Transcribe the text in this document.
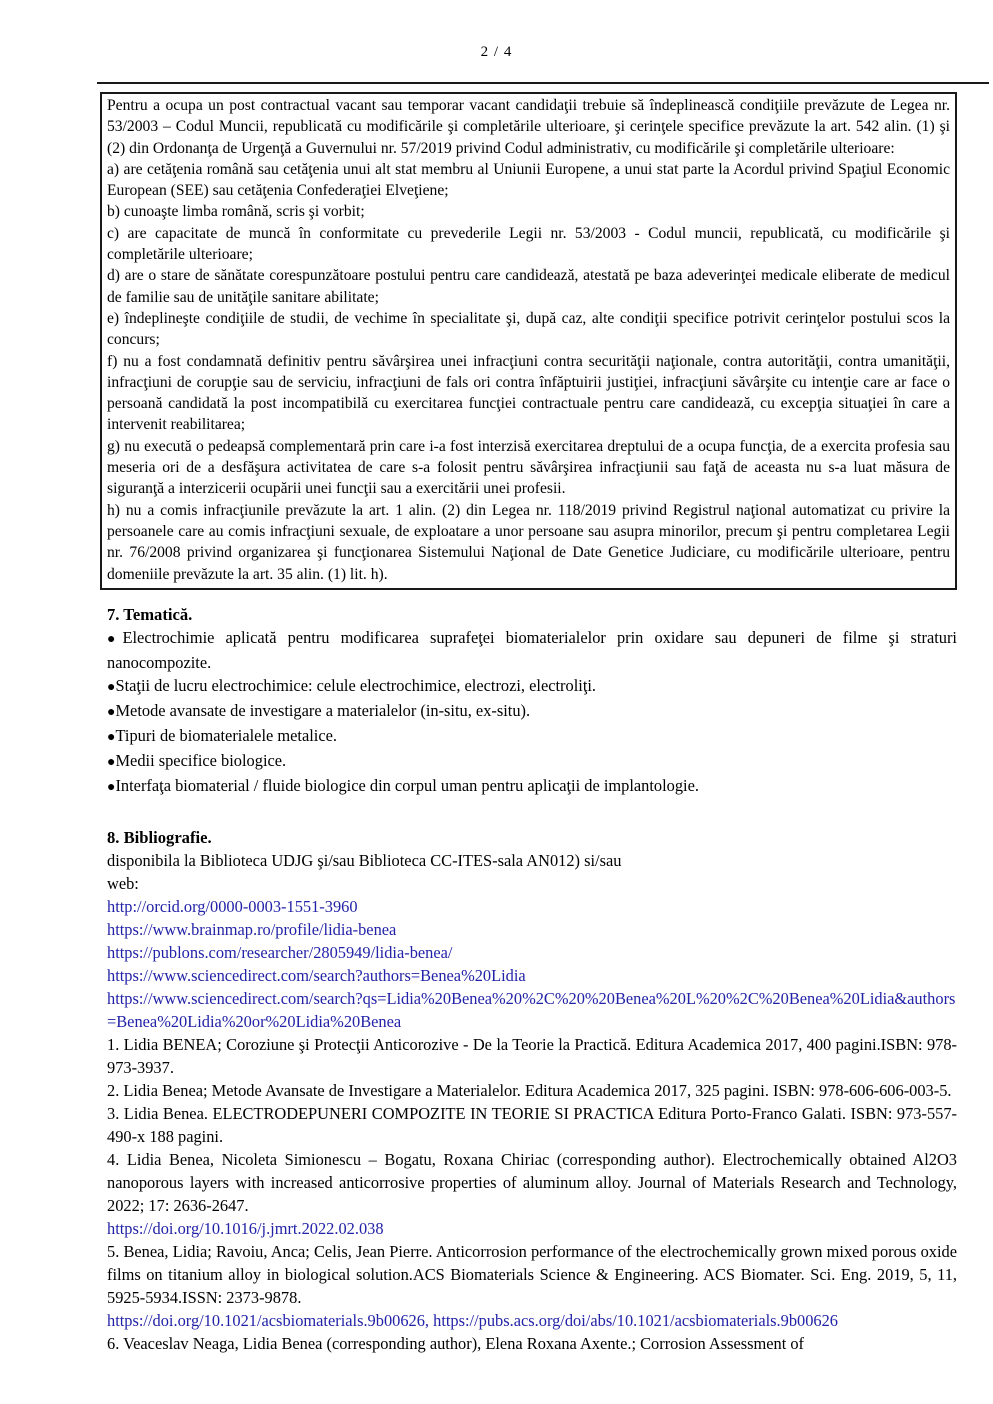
2 / 4

Pentru a ocupa un post contractual vacant sau temporar vacant candidaţii trebuie să îndeplinească condiţiile prevăzute de Legea nr. 53/2003 – Codul Muncii, republicată cu modificările şi completările ulterioare, şi cerinţele specifice prevăzute la art. 542 alin. (1) şi (2) din Ordonanţa de Urgenţă a Guvernului nr. 57/2019 privind Codul administrativ, cu modificările şi completările ulterioare:

a) are cetăţenia română sau cetăţenia unui alt stat membru al Uniunii Europene, a unui stat parte la Acordul privind Spaţiul Economic European (SEE) sau cetăţenia Confederaţiei Elveţiene;

b) cunoaşte limba română, scris şi vorbit;

c) are capacitate de muncă în conformitate cu prevederile Legii nr. 53/2003 - Codul muncii, republicată, cu modificările şi completările ulterioare;

d) are o stare de sănătate corespunzătoare postului pentru care candidează, atestată pe baza adeverinţei medicale eliberate de medicul de familie sau de unităţile sanitare abilitate;

e) îndeplineşte condiţiile de studii, de vechime în specialitate şi, după caz, alte condiţii specifice potrivit cerinţelor postului scos la concurs;

f) nu a fost condamnată definitiv pentru săvârşirea unei infracţiuni contra securităţii naţionale, contra autorităţii, contra umanităţii, infracţiuni de corupţie sau de serviciu, infracţiuni de fals ori contra înfăptuirii justiţiei, infracţiuni săvârşite cu intenţie care ar face o persoană candidată la post incompatibilă cu exercitarea funcţiei contractuale pentru care candidează, cu excepţia situaţiei în care a intervenit reabilitarea;

g) nu execută o pedeapsă complementară prin care i-a fost interzisă exercitarea dreptului de a ocupa funcţia, de a exercita profesia sau meseria ori de a desfăşura activitatea de care s-a folosit pentru săvârşirea infracţiunii sau faţă de aceasta nu s-a luat măsura de siguranţă a interzicerii ocupării unei funcţii sau a exercitării unei profesii.

h) nu a comis infracţiunile prevăzute la art. 1 alin. (2) din Legea nr. 118/2019 privind Registrul naţional automatizat cu privire la persoanele care au comis infracţiuni sexuale, de exploatare a unor persoane sau asupra minorilor, precum şi pentru completarea Legii nr. 76/2008 privind organizarea şi funcţionarea Sistemului Naţional de Date Genetice Judiciare, cu modificările ulterioare, pentru domeniile prevăzute la art. 35 alin. (1) lit. h).

7. Tematică.

● Electrochimie aplicată pentru modificarea suprafeţei biomaterialelor prin oxidare sau depuneri de filme şi straturi nanocompozite.

● Staţii de lucru electrochimice: celule electrochimice, electrozi, electroliţi.

● Metode avansate de investigare a materialelor (in-situ, ex-situ).

● Tipuri de biomaterialele metalice.

● Medii specifice biologice.

● Interfaţa biomaterial / fluide biologice din corpul uman pentru aplicaţii de implantologie.

8. Bibliografie.

disponibila la Biblioteca UDJG şi/sau Biblioteca CC-ITES-sala AN012) si/sau

web:

http://orcid.org/0000-0003-1551-3960

https://www.brainmap.ro/profile/lidia-benea

https://publons.com/researcher/2805949/lidia-benea/

https://www.sciencedirect.com/search?authors=Benea%20Lidia

https://www.sciencedirect.com/search?qs=Lidia%20Benea%20%2C%20%20Benea%20L%20%2C%20Benea%20Lidia&authors=Benea%20Lidia%20or%20Lidia%20Benea

1. Lidia BENEA; Coroziune şi Protecţii Anticorozive - De la Teorie la Practică. Editura Academica 2017, 400 pagini.ISBN: 978-973-3937.

2. Lidia Benea; Metode Avansate de Investigare a Materialelor. Editura Academica 2017, 325 pagini. ISBN: 978-606-606-003-5.

3. Lidia Benea. ELECTRODEPUNERI COMPOZITE IN TEORIE SI PRACTICA Editura Porto-Franco Galati. ISBN: 973-557-490-x 188 pagini.

4. Lidia Benea, Nicoleta Simionescu – Bogatu, Roxana Chiriac (corresponding author). Electrochemically obtained Al2O3 nanoporous layers with increased anticorrosive properties of aluminum alloy. Journal of Materials Research and Technology, 2022; 17: 2636-2647.

https://doi.org/10.1016/j.jmrt.2022.02.038

5. Benea, Lidia; Ravoiu, Anca; Celis, Jean Pierre. Anticorrosion performance of the electrochemically grown mixed porous oxide films on titanium alloy in biological solution.ACS Biomaterials Science & Engineering. ACS Biomater. Sci. Eng. 2019, 5, 11, 5925-5934.ISSN: 2373-9878.

https://doi.org/10.1021/acsbiomaterials.9b00626, https://pubs.acs.org/doi/abs/10.1021/acsbiomaterials.9b00626

6. Veaceslav Neaga, Lidia Benea (corresponding author), Elena Roxana Axente.; Corrosion Assessment of
